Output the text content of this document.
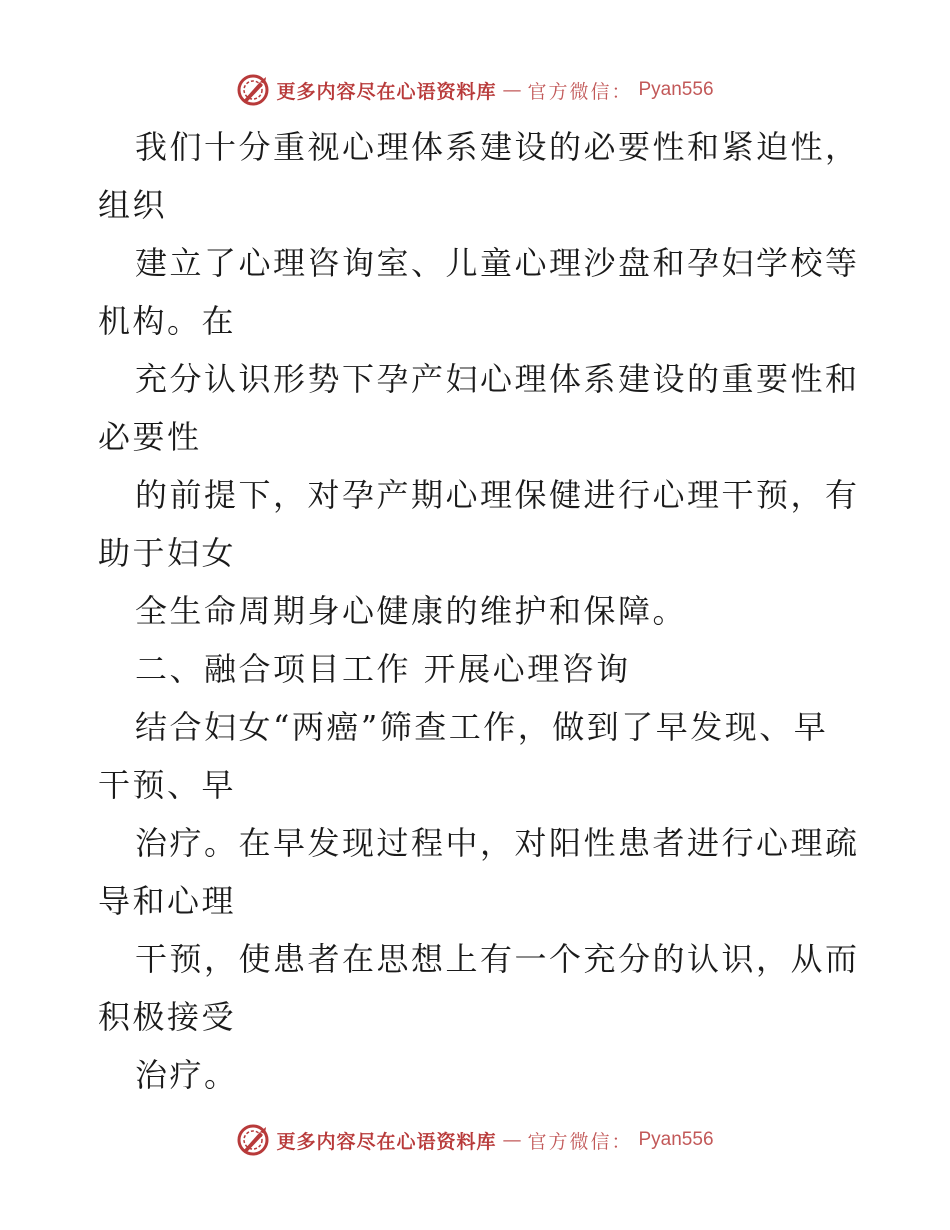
更多内容尽在心语资料库 — 官方微信： Pyan556
我们十分重视心理体系建设的必要性和紧迫性，
组织
建立了心理咨询室、儿童心理沙盘和孕妇学校等
机构。在
充分认识形势下孕产妇心理体系建设的重要性和
必要性
的前提下，对孕产期心理保健进行心理干预，有
助于妇女
全生命周期身心健康的维护和保障。
二、融合项目工作 开展心理咨询
结合妇女“两癌”筛查工作，做到了早发现、早
干预、早
治疗。在早发现过程中，对阳性患者进行心理疏
导和心理
干预，使患者在思想上有一个充分的认识，从而
积极接受
治疗。
更多内容尽在心语资料库 — 官方微信： Pyan556
